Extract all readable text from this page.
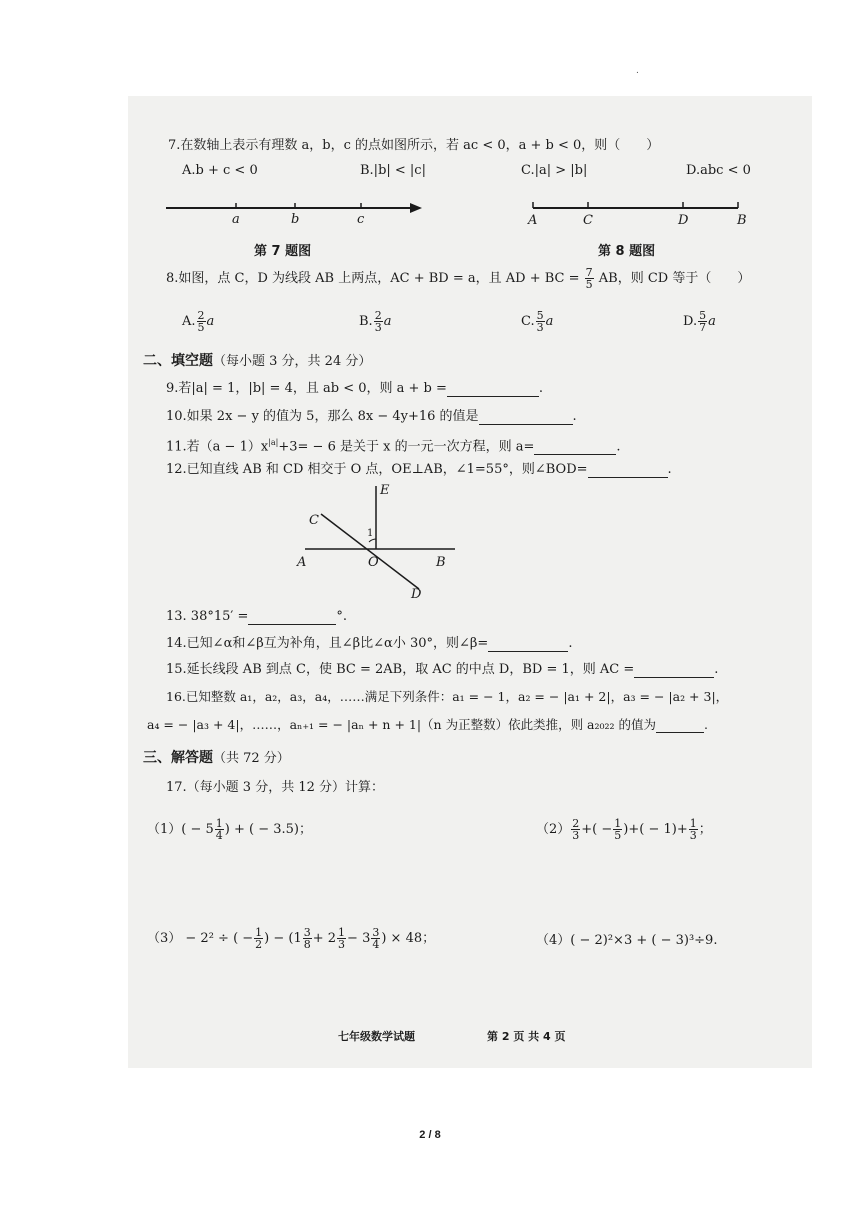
.
7.在数轴上表示有理数 a，b，c 的点如图所示，若 ac < 0，a + b < 0，则（　　）
A.b + c < 0	B.|b| < |c|	C.|a| > |b|	D.abc < 0
a	b	c
第 7 题图
A	C	D	B
第 8 题图
8.如图，点 C，D 为线段 AB 上两点，AC + BD = a，且 AD + BC = $\frac{7}{5}$ AB，则 CD 等于（　　）
A. $\frac{2}{5}$ a	B. $\frac{2}{3}$ a	C. $\frac{5}{3}$ a	D. $\frac{5}{7}$ a
二、填空题（每小题 3 分，共 24 分）
9.若|a| = 1，|b| = 4，且 ab < 0，则 a + b =	.
10.如果 2x − y 的值为 5，那么 8x − 4y+16 的值是	.
11.若$(a - 1)x^{|a|}+3= - 6$ 是关于 x 的一元一次方程，则 a=	.
12.已知直线 AB 和 CD 相交于 O 点，OE⊥AB，∠1=55°，则∠BOD=	.
E
C
1
A	O	B
D
13. 38°15′ =	°.
14.已知∠α和∠β互为补角，且∠β比∠α小 30°，则∠β=	.
15.延长线段 AB 到点 C，使 BC = 2AB，取 AC 的中点 D，BD = 1，则 AC =	.
16.已知整数 a₁，a₂，a₃，a₄，……满足下列条件：a₁ = − 1，a₂ = − |a₁ + 2|，a₃ = − |a₂ + 3|，
a₄ = − |a₃ + 4|，……，aₙ₊₁ = − |aₙ + n + 1|（n 为正整数）依此类推，则 a₂₀₂₂ 的值为	.
三、解答题（共 72 分）
17.（每小题 3 分，共 12 分）计算：
$(1)( - 5 \frac{1}{4}$ ) + ( − 3.5)；	$(2) \frac{2}{3}$ +( − $\frac{1}{5}$ )+( − $1)+ \frac{1}{3}$ ；
（3） − 2² ÷ ( − $\frac{1}{2}$ ) − ($1 \frac{3}{8} + 2 \frac{1}{3} - 3 \frac{3}{4}$ ) × 48；	（4）( − 2)²×3 + ( − 3)³÷9.
七年级数学试题	第 2 页 共 4 页
2 / 8
